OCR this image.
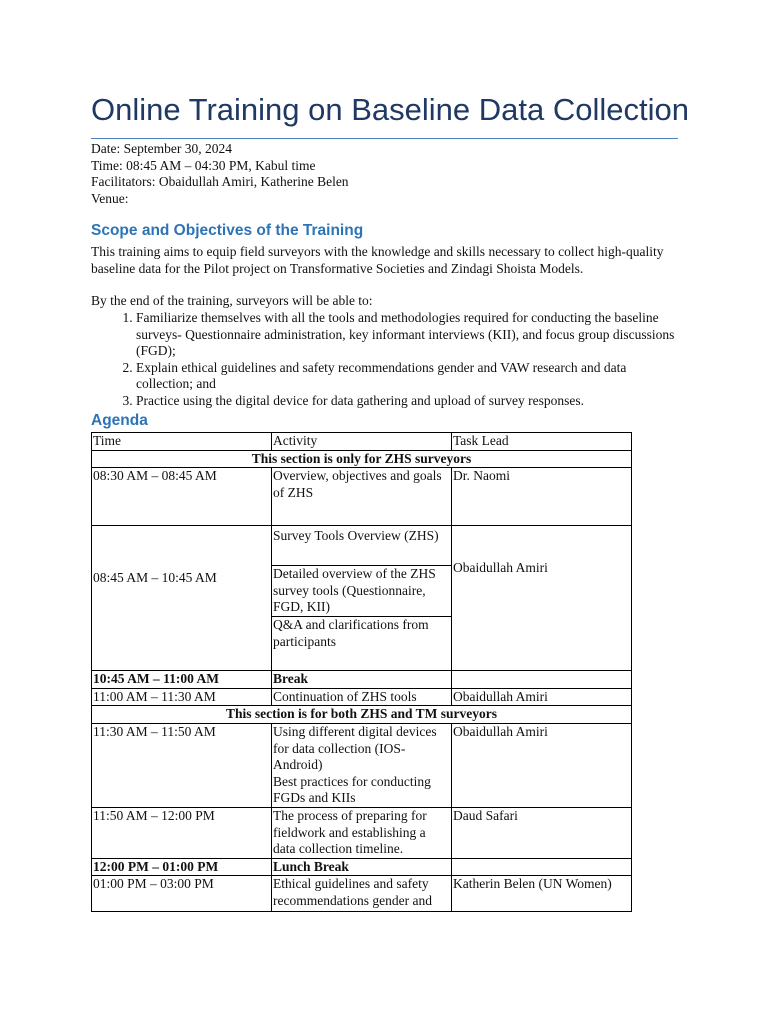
Online Training on Baseline Data Collection
Date: September 30, 2024
Time: 08:45 AM – 04:30 PM, Kabul time
Facilitators: Obaidullah Amiri, Katherine Belen
Venue:
Scope and Objectives of the Training

This training aims to equip field surveyors with the knowledge and skills necessary to collect high-quality baseline data for the Pilot project on Transformative Societies and Zindagi Shoista Models.

By the end of the training, surveyors will be able to:

1. Familiarize themselves with all the tools and methodologies required for conducting the baseline surveys- Questionnaire administration, key informant interviews (KII), and focus group discussions (FGD);
2. Explain ethical guidelines and safety recommendations gender and VAW research and data collection; and
3. Practice using the digital device for data gathering and upload of survey responses.
Agenda
Time	Activity	Task Lead
This section is only for ZHS surveyors		
08:30 AM – 08:45 AM	Overview, objectives and goals of ZHS	Dr. Naomi
08:45 AM – 10:45 AM	Survey Tools Overview (ZHS)
Detailed overview of the ZHS survey tools (Questionnaire, FGD, KII)
Q&A and clarifications from participants	Obaidullah Amiri
10:45 AM – 11:00 AM	Break	
11:00 AM – 11:30 AM	Continuation of ZHS tools	Obaidullah Amiri
This section is for both ZHS and TM surveyors		
11:30 AM – 11:50 AM	Using different digital devices for data collection (IOS-Android)
Best practices for conducting FGDs and KIIs	Obaidullah Amiri
11:50 AM – 12:00 PM	The process of preparing for fieldwork and establishing a data collection timeline.	Daud Safari
12:00 PM – 01:00 PM	Lunch Break	
01:00 PM – 03:00 PM	Ethical guidelines and safety recommendations gender and	Katherin Belen (UN Women)
